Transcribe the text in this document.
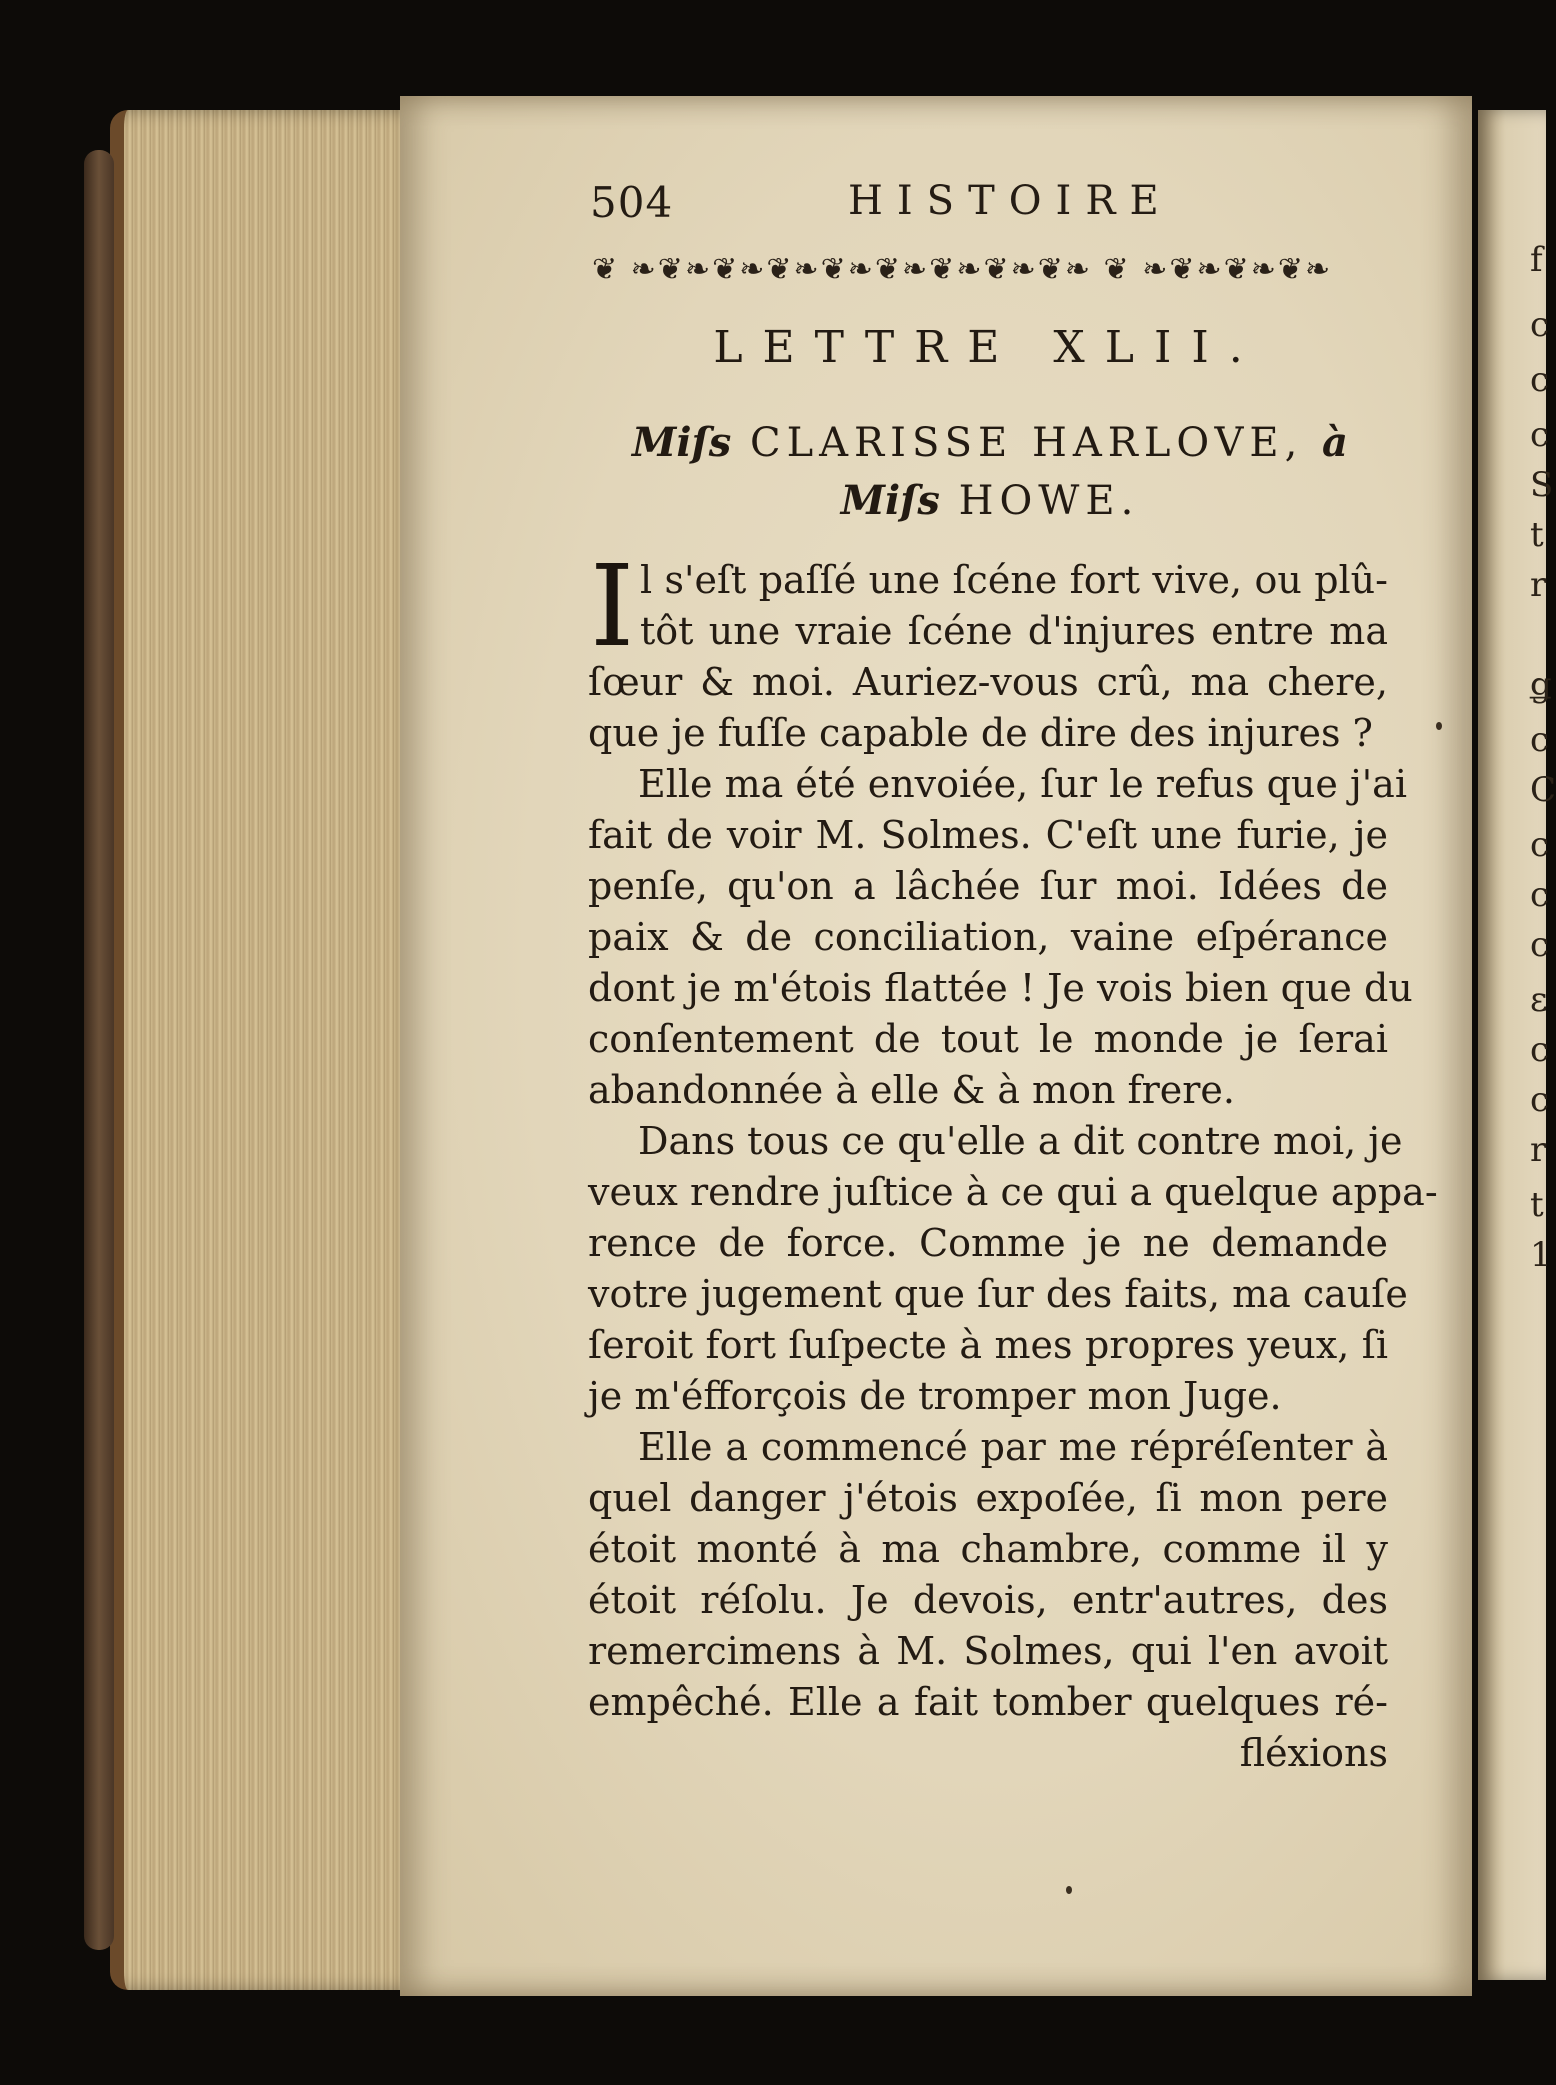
f
c
c
c
S
t
r
ǥ
c
C
c
c
c
ɛ
c
c
r
t
1
504	HISTOIRE
❦ ❧❦❧❦❧❦❧❦❧❦❧❦❧❦❧❦❧ ❦ ❧❦❧❦❧❦❧
LETTRE XLII.
Miſs CLARISSE HARLOVE, à
Miſs HOWE.
I l s'eſt paſſé une ſcéne fort vive, ou plû-
tôt une vraie ſcéne d'injures entre ma
ſœur & moi. Auriez-vous crû, ma chere,
que je fuſſe capable de dire des injures ?
Elle ma été envoiée, ſur le refus que j'ai
fait de voir M. Solmes. C'eſt une furie, je
penſe, qu'on a lâchée ſur moi. Idées de
paix & de conciliation, vaine eſpérance
dont je m'étois flattée ! Je vois bien que du
conſentement de tout le monde je ſerai
abandonnée à elle & à mon frere.
Dans tous ce qu'elle a dit contre moi, je
veux rendre juſtice à ce qui a quelque appa-
rence de force. Comme je ne demande
votre jugement que ſur des faits, ma cauſe
ſeroit fort ſuſpecte à mes propres yeux, ſi
je m'éfforçois de tromper mon Juge.
Elle a commencé par me répréſenter à
quel danger j'étois expoſée, ſi mon pere
étoit monté à ma chambre, comme il y
étoit réſolu. Je devois, entr'autres, des
remercimens à M. Solmes, qui l'en avoit
empêché. Elle a fait tomber quelques ré-
fléxions
